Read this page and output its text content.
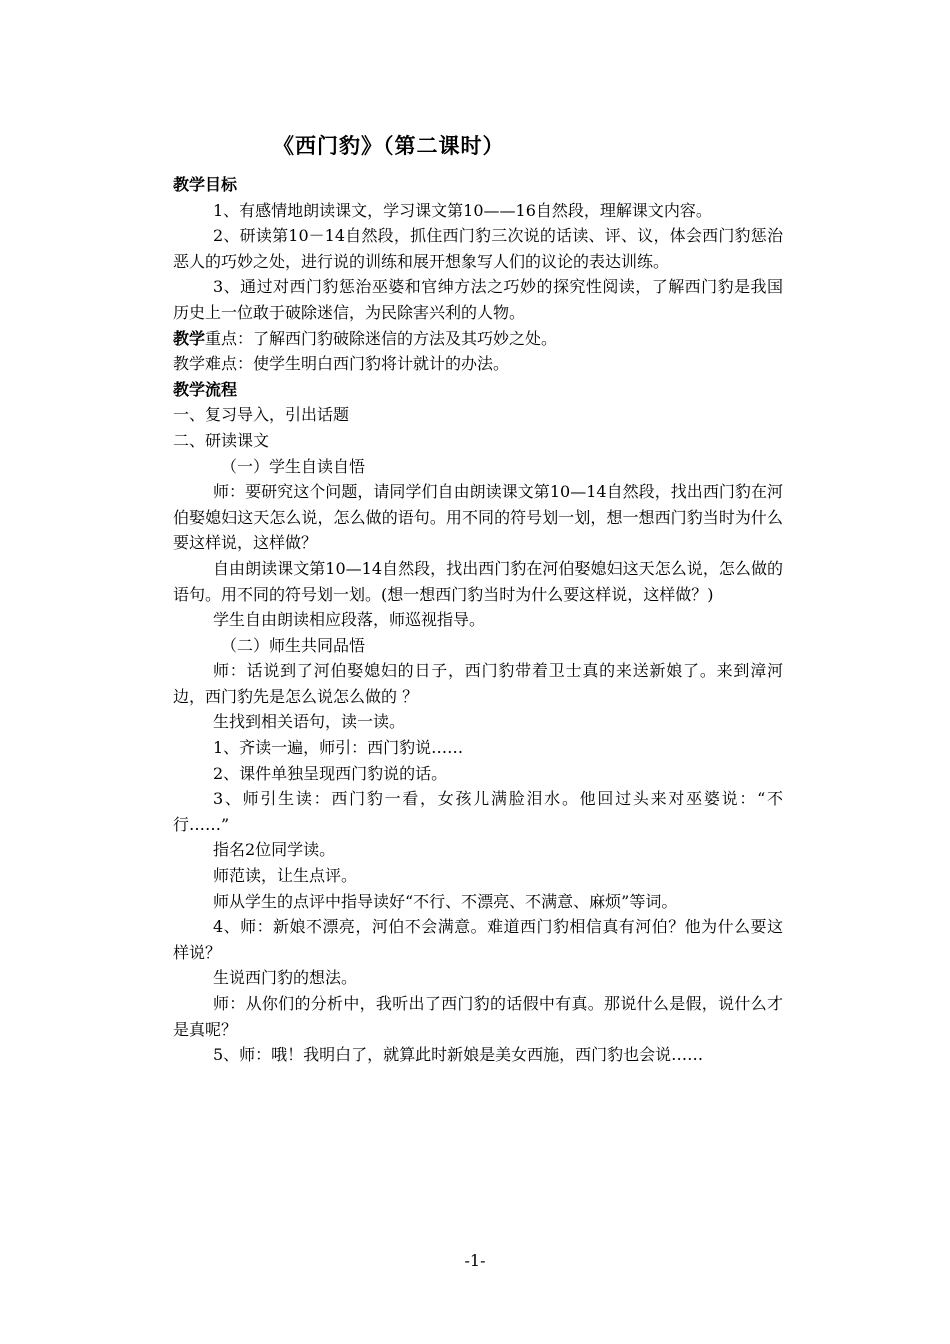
《西门豹》（第二课时）

教学目标

1、有感情地朗读课文，学习课文第10——16自然段，理解课文内容。

2、研读第10－14自然段，抓住西门豹三次说的话读、评、议，体会西门豹惩治恶人的巧妙之处，进行说的训练和展开想象写人们的议论的表达训练。

3、通过对西门豹惩治巫婆和官绅方法之巧妙的探究性阅读，了解西门豹是我国历史上一位敢于破除迷信，为民除害兴利的人物。

教学重点：了解西门豹破除迷信的方法及其巧妙之处。

教学难点：使学生明白西门豹将计就计的办法。

教学流程

一、复习导入，引出话题

二、研读课文

（一）学生自读自悟

师：要研究这个问题，请同学们自由朗读课文第10—14自然段，找出西门豹在河伯娶媳妇这天怎么说，怎么做的语句。用不同的符号划一划，想一想西门豹当时为什么要这样说，这样做？

自由朗读课文第10—14自然段，找出西门豹在河伯娶媳妇这天怎么说，怎么做的语句。用不同的符号划一划。(想一想西门豹当时为什么要这样说，这样做？)

学生自由朗读相应段落，师巡视指导。

（二）师生共同品悟

师：话说到了河伯娶媳妇的日子，西门豹带着卫士真的来送新娘了。来到漳河边，西门豹先是怎么说怎么做的 ？

生找到相关语句，读一读。

1、齐读一遍，师引：西门豹说……

2、课件单独呈现西门豹说的话。

3、师引生读：西门豹一看，女孩儿满脸泪水。他回过头来对巫婆说：“不行……”

指名2位同学读。

师范读，让生点评。

师从学生的点评中指导读好“不行、不漂亮、不满意、麻烦”等词。

4、师：新娘不漂亮，河伯不会满意。难道西门豹相信真有河伯？他为什么要这样说？

生说西门豹的想法。

师：从你们的分析中，我听出了西门豹的话假中有真。那说什么是假，说什么才是真呢？

5、师：哦！我明白了，就算此时新娘是美女西施，西门豹也会说……

-1-
